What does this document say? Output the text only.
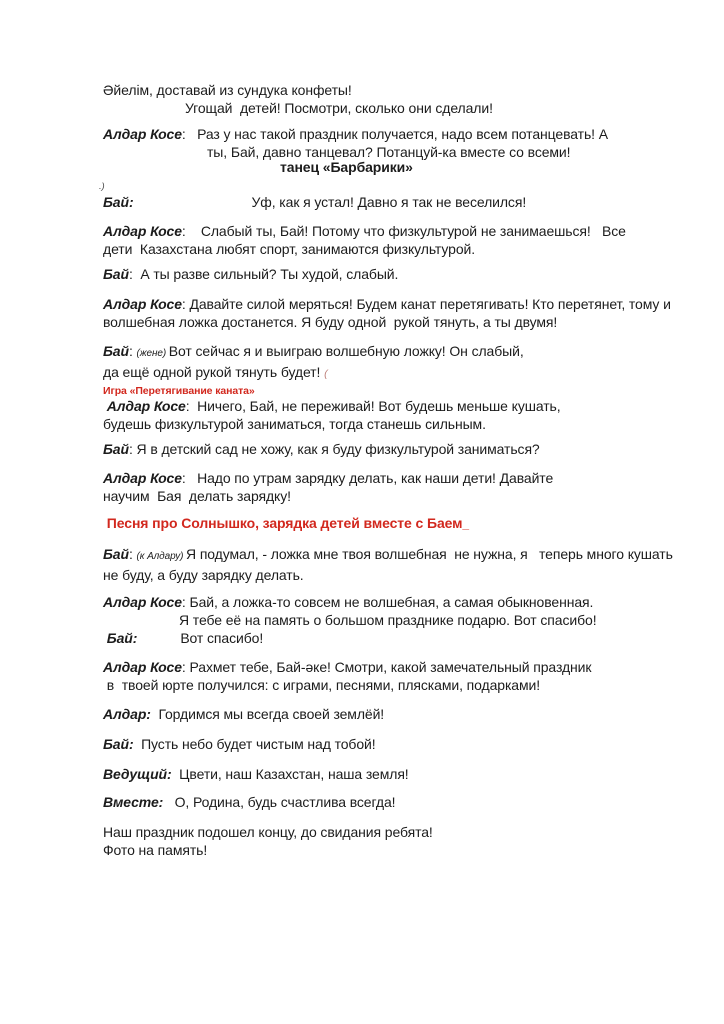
Әйелім, доставай из сундука конфеты!
Угощай  детей! Посмотри, сколько они сделали!
Алдар Косе:   Раз у нас такой праздник получается, надо всем потанцевать! А
ты, Бай, давно танцевал? Потанцуй-ка вместе со всеми!
танец «Барбарики»
.)
Бай:	Уф, как я устал! Давно я так не веселился!
Алдар Косе:    Слабый ты, Бай! Потому что физкультурой не занимаешься!   Все
дети  Казахстана любят спорт, занимаются физкультурой.
Бай:  А ты разве сильный? Ты худой, слабый.
Алдар Косе: Давайте силой меряться! Будем канат перетягивать! Кто перетянет, тому и
волшебная ложка достанется. Я буду одной  рукой тянуть, а ты двумя!
Бай: (жене) Вот сейчас я и выиграю волшебную ложку! Он слабый,
да ещё одной рукой тянуть будет! (
Игра «Перетягивание каната»
Алдар Косе:  Ничего, Бай, не переживай! Вот будешь меньше кушать,
будешь физкультурой заниматься, тогда станешь сильным.
Бай: Я в детский сад не хожу, как я буду физкультурой заниматься?
Алдар Косе:   Надо по утрам зарядку делать, как наши дети! Давайте
научим  Бая  делать зарядку!
Песня про Солнышко, зарядка детей вместе с Баем_
Бай: (к Алдару) Я подумал, - ложка мне твоя волшебная  не нужна, я   теперь много кушать
не буду, а буду зарядку делать.
Алдар Косе: Бай, а ложка-то совсем не волшебная, а самая обыкновенная.
Я тебе её на память о большом празднике подарю. Вот спасибо!
Бай:	Вот спасибо!
Алдар Косе: Рахмет тебе, Бай-әке! Смотри, какой замечательный праздник
в  твоей юрте получился: с играми, песнями, плясками, подарками!
Алдар:  Гордимся мы всегда своей землёй!
Бай:  Пусть небо будет чистым над тобой!
Ведущий:  Цвети, наш Казахстан, наша земля!
Вместе:   О, Родина, будь счастлива всегда!
Наш праздник подошел концу, до свидания ребята!
Фото на память!
